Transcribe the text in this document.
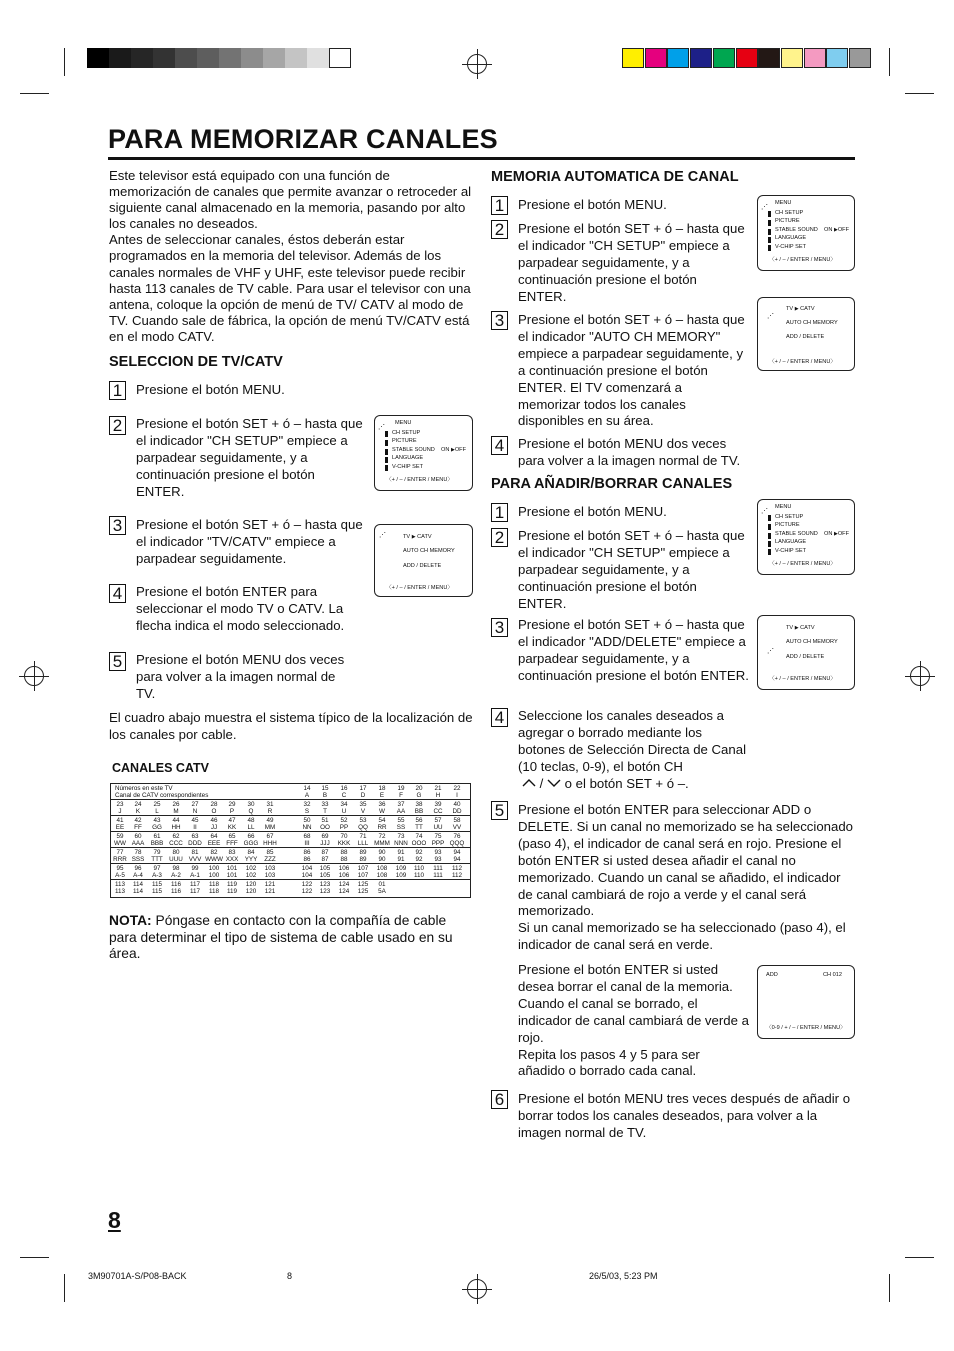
PARA MEMORIZAR CANALES
Este televisor está equipado con una función de memorización de canales que permite avanzar o retroceder al siguiente canal almacenado en la memoria, pasando por alto los canales no deseados.
Antes de seleccionar canales, éstos deberán estar programados en la memoria del televisor. Además de los canales normales de VHF y UHF, este televisor puede recibir hasta 113 canales de TV cable. Para usar el televisor con una antena, coloque la opción de menú de TV/ CATV al modo de TV. Cuando sale de fábrica, la opción de menú TV/CATV está en el modo CATV.
SELECCION DE TV/CATV
1 Presione el botón MENU.
2 Presione el botón SET + ó – hasta que el indicador "CH SETUP" empiece a parpadear seguidamente, y a continuación presione el botón ENTER.
3 Presione el botón SET + ó – hasta que el indicador "TV/CATV" empiece a parpadear seguidamente.
4 Presione el botón ENTER para seleccionar el modo TV o CATV. La flecha indica el modo seleccionado.
5 Presione el botón MENU dos veces para volver a la imagen normal de TV.
El cuadro abajo muestra el sistema típico de la localización de los canales por cable.
MENU
⋰
CH SETUP
PICTURE
STABLE SOUND ON ▶OFF
LANGUAGE
V-CHIP SET
〈+ / – / ENTER / MENU〉
⋰	TV ▶ CATV
AUTO CH MEMORY
ADD / DELETE
〈+ / – / ENTER / MENU〉
CANALES CATV
Números en este TV
Canal de CATV correspondientes
14	15	16	17	18	19	20	21	22
A	B	C	D	E	F	G	H	I
23	24	25	26	27	28	29	30	31
J	K	L	M	N	O	P	Q	R
32	33	34	35	36	37	38	39	40
S	T	U	V	W	AA	BB	CC	DD
41	42	43	44	45	46	47	48	49
EE	FF	GG	HH	II	JJ	KK	LL	MM
50	51	52	53	54	55	56	57	58
NN	OO	PP	QQ	RR	SS	TT	UU	VV
59	60	61	62	63	64	65	66	67
WW AAA	BBB CCC DDD EEE FFF GGG HHH
68	69	70	71	72	73	74	75	76
III	JJJ	KKK	LLL MMM NNN OOO PPP QQQ
77	78	79	80	81	82	83	84	85
RRR SSS	TTT	UUU VVV WWW XXX	YYY	ZZZ
86	87	88	89	90	91	92	93	94
86	87	88	89	90	91	92	93	94
95	96	97	98	99	100	101	102	103
A-5	A-4	A-3	A-2	A-1	100	101	102	103
104	105	106	107	108	109	110	111	112
104	105	106	107	108	109	110	111	112
113	114	115	116	117	118	119	120	121
113	114	115	116	117	118	119	120	121
122	123	124	125	01
122	123	124	125	5A
NOTA: Póngase en contacto con la compañía de cable para determinar el tipo de sistema de cable usado en su área.
MEMORIA AUTOMATICA DE CANAL
1 Presione el botón MENU.
2 Presione el botón SET + ó – hasta que el indicador "CH SETUP" empiece a parpadear seguidamente, y a continuación presione el botón ENTER.
3 Presione el botón SET + ó – hasta que el indicador "AUTO CH MEMORY" empiece a parpadear seguidamente, y a continuación presione el botón ENTER. El TV comenzará a memorizar todos los canales disponibles en su área.
4 Presione el botón MENU dos veces para volver a la imagen normal de TV.
MENU
⋰
CH SETUP
PICTURE
STABLE SOUND ON ▶OFF
LANGUAGE
V-CHIP SET
〈+ / – / ENTER / MENU〉
TV ▶ CATV
⋰
AUTO CH MEMORY
ADD / DELETE
〈+ / – / ENTER / MENU〉
PARA AÑADIR/BORRAR CANALES
1 Presione el botón MENU.
2 Presione el botón SET + ó – hasta que el indicador "CH SETUP" empiece a parpadear seguidamente, y a continuación presione el botón ENTER.
3 Presione el botón SET + ó – hasta que el indicador "ADD/DELETE" empiece a parpadear seguidamente, y a continuación presione el botón ENTER.
4 Seleccione los canales deseados a agregar o borrado mediante los botones de Selección Directa de Canal (10 teclas, 0-9), el botón CH
/  o el botón SET + ó –.
5 Presione el botón ENTER para seleccionar ADD o DELETE. Si un canal no memorizado se ha seleccionado (paso 4), el indicador de canal será en rojo. Presione el botón ENTER si usted desea añadir el canal no memorizado. Cuando un canal se añadido, el indicador de canal cambiará de rojo a verde y el canal será memorizado.
Si un canal memorizado se ha seleccionado (paso 4), el indicador de canal será en verde.
Presione el botón ENTER si usted desea borrar el canal de la memoria. Cuando el canal se borrado, el indicador de canal cambiará de verde a rojo.
Repita los pasos 4 y 5 para ser añadido o borrado cada canal.
6 Presione el botón MENU tres veces después de añadir o borrar todos los canales deseados, para volver a la imagen normal de TV.
MENU
⋰
CH SETUP
PICTURE
STABLE SOUND ON ▶OFF
LANGUAGE
V-CHIP SET
〈+ / – / ENTER / MENU〉
TV ▶ CATV
AUTO CH MEMORY
⋰
ADD / DELETE
〈+ / – / ENTER / MENU〉
ADD	CH 012
〈0-9 / + / – / ENTER / MENU〉
8
3M90701A-S/P08-BACK	8	26/5/03, 5:23 PM
